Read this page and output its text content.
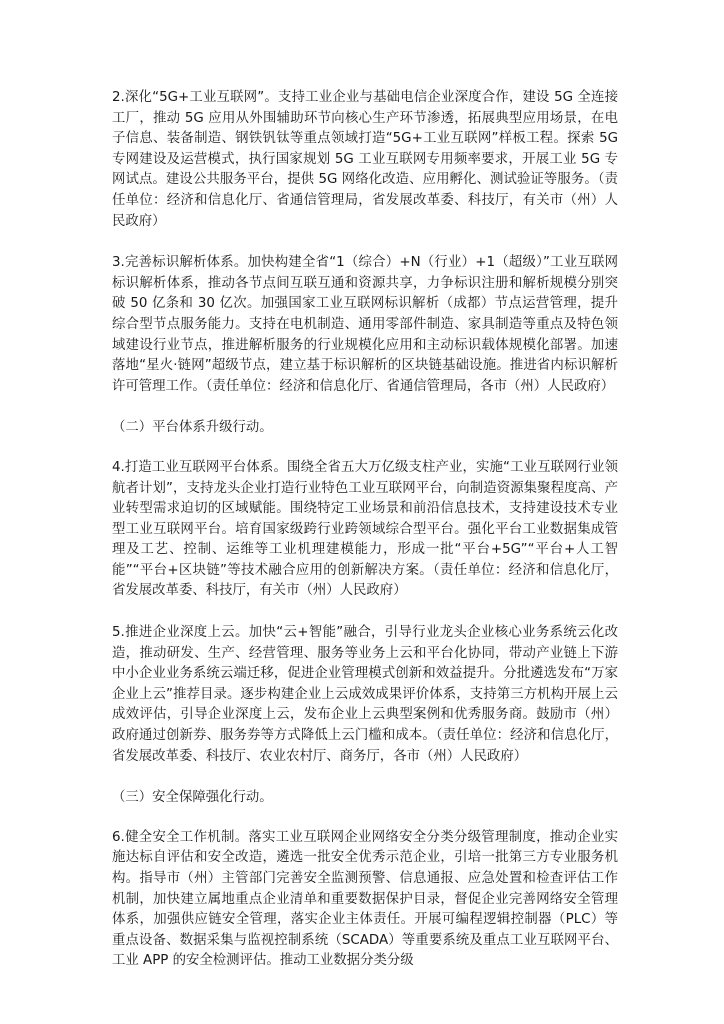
2.深化“5G+工业互联网”。支持工业企业与基础电信企业深度合作，建设 5G 全连接工厂，推动 5G 应用从外围辅助环节向核心生产环节渗透，拓展典型应用场景，在电子信息、装备制造、钢铁钒钛等重点领域打造“5G+工业互联网”样板工程。探索 5G 专网建设及运营模式，执行国家规划 5G 工业互联网专用频率要求，开展工业 5G 专网试点。建设公共服务平台，提供 5G 网络化改造、应用孵化、测试验证等服务。（责任单位：经济和信息化厅、省通信管理局，省发展改革委、科技厅，有关市（州）人民政府）

3.完善标识解析体系。加快构建全省“1（综合）+N（行业）+1（超级）”工业互联网标识解析体系，推动各节点间互联互通和资源共享，力争标识注册和解析规模分别突破 50 亿条和 30 亿次。加强国家工业互联网标识解析（成都）节点运营管理，提升综合型节点服务能力。支持在电机制造、通用零部件制造、家具制造等重点及特色领域建设行业节点，推进解析服务的行业规模化应用和主动标识载体规模化部署。加速落地“星火·链网”超级节点，建立基于标识解析的区块链基础设施。推进省内标识解析许可管理工作。（责任单位：经济和信息化厅、省通信管理局，各市（州）人民政府）

（二）平台体系升级行动。

4.打造工业互联网平台体系。围绕全省五大万亿级支柱产业，实施“工业互联网行业领航者计划”，支持龙头企业打造行业特色工业互联网平台，向制造资源集聚程度高、产业转型需求迫切的区域赋能。围绕特定工业场景和前沿信息技术，支持建设技术专业型工业互联网平台。培育国家级跨行业跨领域综合型平台。强化平台工业数据集成管理及工艺、控制、运维等工业机理建模能力，形成一批“平台+5G”“平台+人工智能”“平台+区块链”等技术融合应用的创新解决方案。（责任单位：经济和信息化厅，省发展改革委、科技厅，有关市（州）人民政府）

5.推进企业深度上云。加快“云+智能”融合，引导行业龙头企业核心业务系统云化改造，推动研发、生产、经营管理、服务等业务上云和平台化协同，带动产业链上下游中小企业业务系统云端迁移，促进企业管理模式创新和效益提升。分批遴选发布“万家企业上云”推荐目录。逐步构建企业上云成效成果评价体系，支持第三方机构开展上云成效评估，引导企业深度上云，发布企业上云典型案例和优秀服务商。鼓励市（州）政府通过创新券、服务券等方式降低上云门槛和成本。（责任单位：经济和信息化厅，省发展改革委、科技厅、农业农村厅、商务厅，各市（州）人民政府）

（三）安全保障强化行动。

6.健全安全工作机制。落实工业互联网企业网络安全分类分级管理制度，推动企业实施达标自评估和安全改造，遴选一批安全优秀示范企业，引培一批第三方专业服务机构。指导市（州）主管部门完善安全监测预警、信息通报、应急处置和检查评估工作机制，加快建立属地重点企业清单和重要数据保护目录，督促企业完善网络安全管理体系，加强供应链安全管理，落实企业主体责任。开展可编程逻辑控制器（PLC）等重点设备、数据采集与监视控制系统（SCADA）等重要系统及重点工业互联网平台、工业 APP 的安全检测评估。推动工业数据分类分级
